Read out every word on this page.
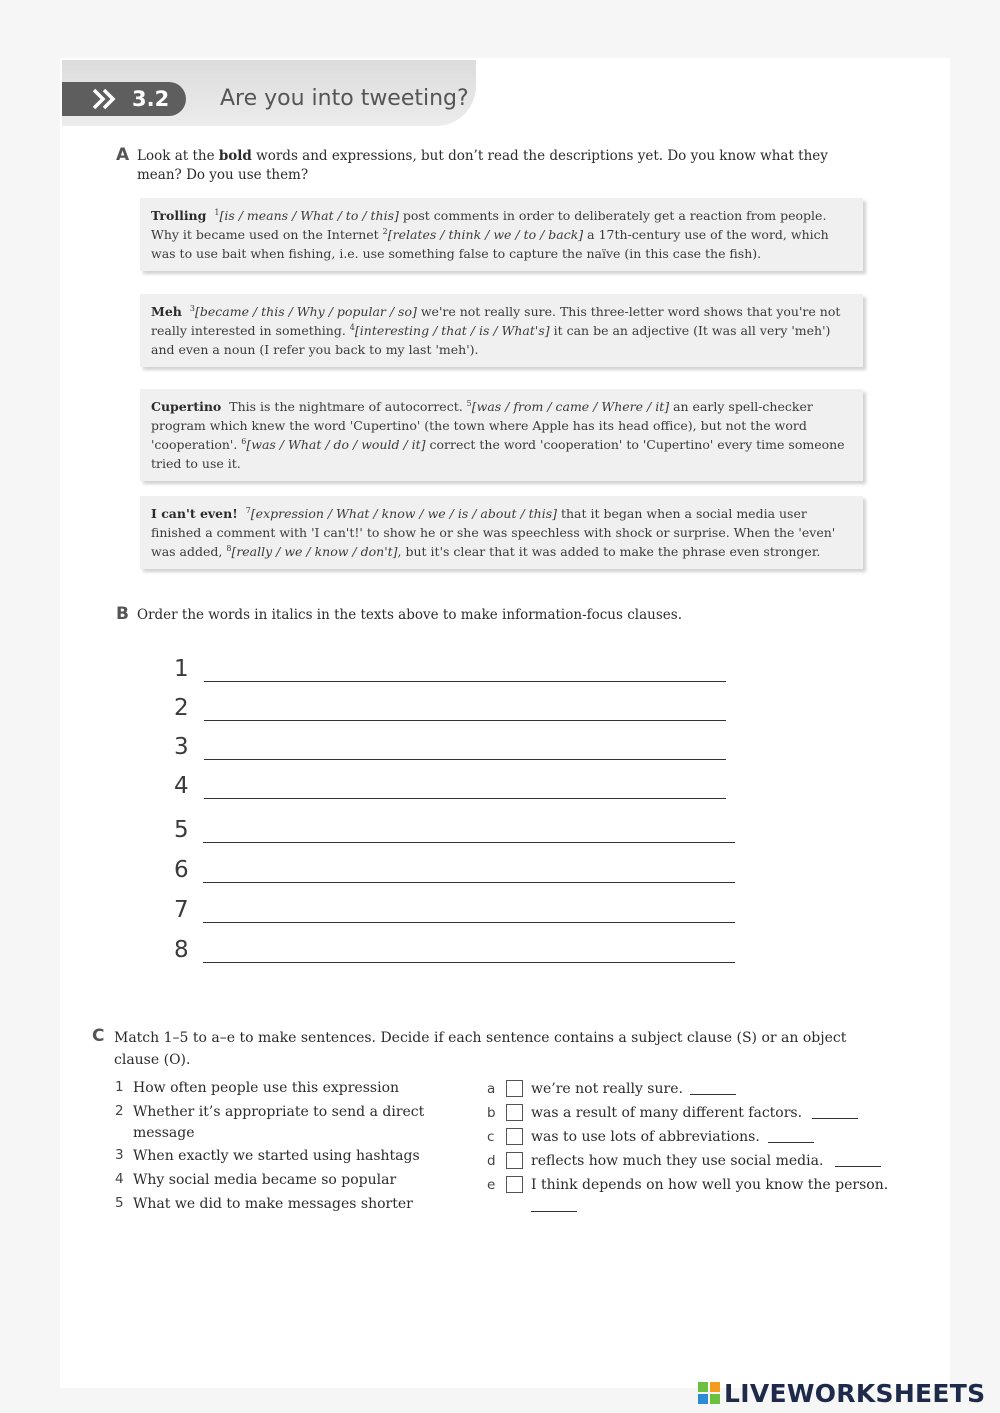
3.2 Are you into tweeting?
A Look at the bold words and expressions, but don’t read the descriptions yet. Do you know what they
mean? Do you use them?
Trolling $^1$[is / means / What / to / this] post comments in order to deliberately get a reaction from people.
Why it became used on the Internet $^2$[relates / think / we / to / back] a 17th-century use of the word, which
was to use bait when fishing, i.e. use something false to capture the naïve (in this case the fish).
Meh $^3$[became / this / Why / popular / so] we're not really sure. This three-letter word shows that you're not
really interested in something. $^4$[interesting / that / is / What's] it can be an adjective (It was all very 'meh')
and even a noun (I refer you back to my last 'meh').
Cupertino This is the nightmare of autocorrect. $^5$[was / from / came / Where / it] an early spell-checker
program which knew the word 'Cupertino' (the town where Apple has its head office), but not the word
'cooperation'. $^6$[was / What / do / would / it] correct the word 'cooperation' to 'Cupertino' every time someone
tried to use it.
I can't even! $^7$[expression / What / know / we / is / about / this] that it began when a social media user
finished a comment with 'I can't!' to show he or she was speechless with shock or surprise. When the 'even'
was added, $^8$[really / we / know / don't], but it's clear that it was added to make the phrase even stronger.
B Order the words in italics in the texts above to make information-focus clauses.
1
2
3
4
5
6
7
8
C Match 1–5 to a–e to make sentences. Decide if each sentence contains a subject clause (S) or an object
clause (O).
1 How often people use this expression
2 Whether it’s appropriate to send a direct
message
3 When exactly we started using hashtags
4 Why social media became so popular
5 What we did to make messages shorter
a	we’re not really sure.
b	was a result of many different factors.
c	was to use lots of abbreviations.
d	reflects how much they use social media.
e	I think depends on how well you know the person.
LIVEWORKSHEETS
